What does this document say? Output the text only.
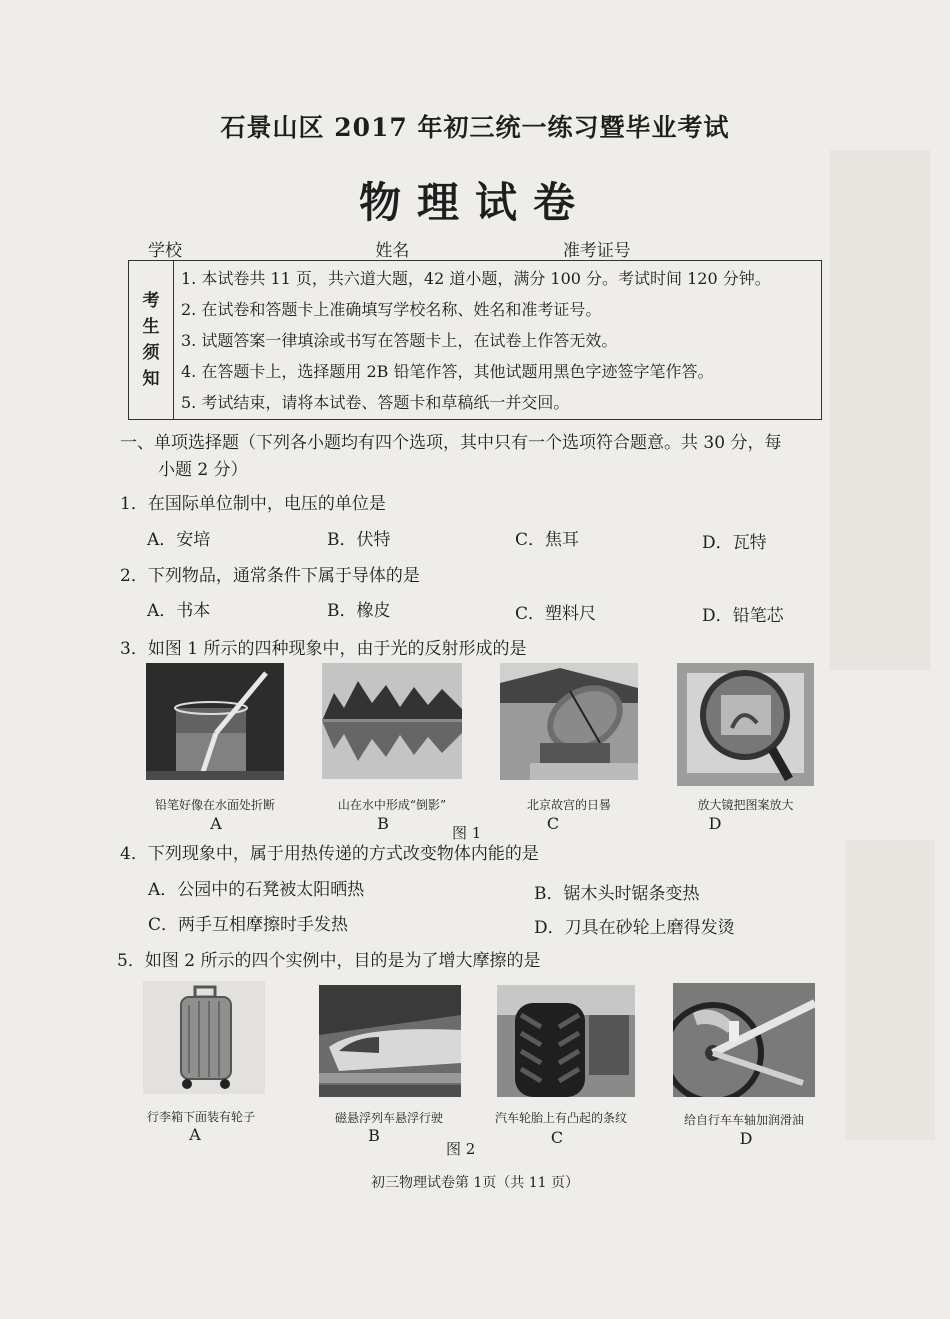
石景山区 2017 年初三统一练习暨毕业考试
物理试卷
学校	姓名	准考证号
考
生
须
知
1. 本试卷共 11 页，共六道大题，42 道小题，满分 100 分。考试时间 120 分钟。
2. 在试卷和答题卡上准确填写学校名称、姓名和准考证号。
3. 试题答案一律填涂或书写在答题卡上，在试卷上作答无效。
4. 在答题卡上，选择题用 2B 铅笔作答，其他试题用黑色字迹签字笔作答。
5. 考试结束，请将本试卷、答题卡和草稿纸一并交回。
一、单项选择题（下列各小题均有四个选项，其中只有一个选项符合题意。共 30 分，每
小题 2 分）
1．在国际单位制中，电压的单位是
A．安培	B．伏特	C．焦耳	D．瓦特
2．下列物品，通常条件下属于导体的是
A．书本	B．橡皮	C．塑料尺	D．铅笔芯
3．如图 1 所示的四种现象中，由于光的反射形成的是
铅笔好像在水面处折断	山在水中形成“倒影”	北京故宫的日晷	放大镜把图案放大
A	B	C	D
图 1
4．下列现象中，属于用热传递的方式改变物体内能的是
A．公园中的石凳被太阳晒热	B．锯木头时锯条变热
C．两手互相摩擦时手发热	D．刀具在砂轮上磨得发烫
5．如图 2 所示的四个实例中，目的是为了增大摩擦的是
行李箱下面装有轮子	磁悬浮列车悬浮行驶	汽车轮胎上有凸起的条纹	给自行车车轴加润滑油
A	B	C	D
图 2
初三物理试卷第 1页（共 11 页）
